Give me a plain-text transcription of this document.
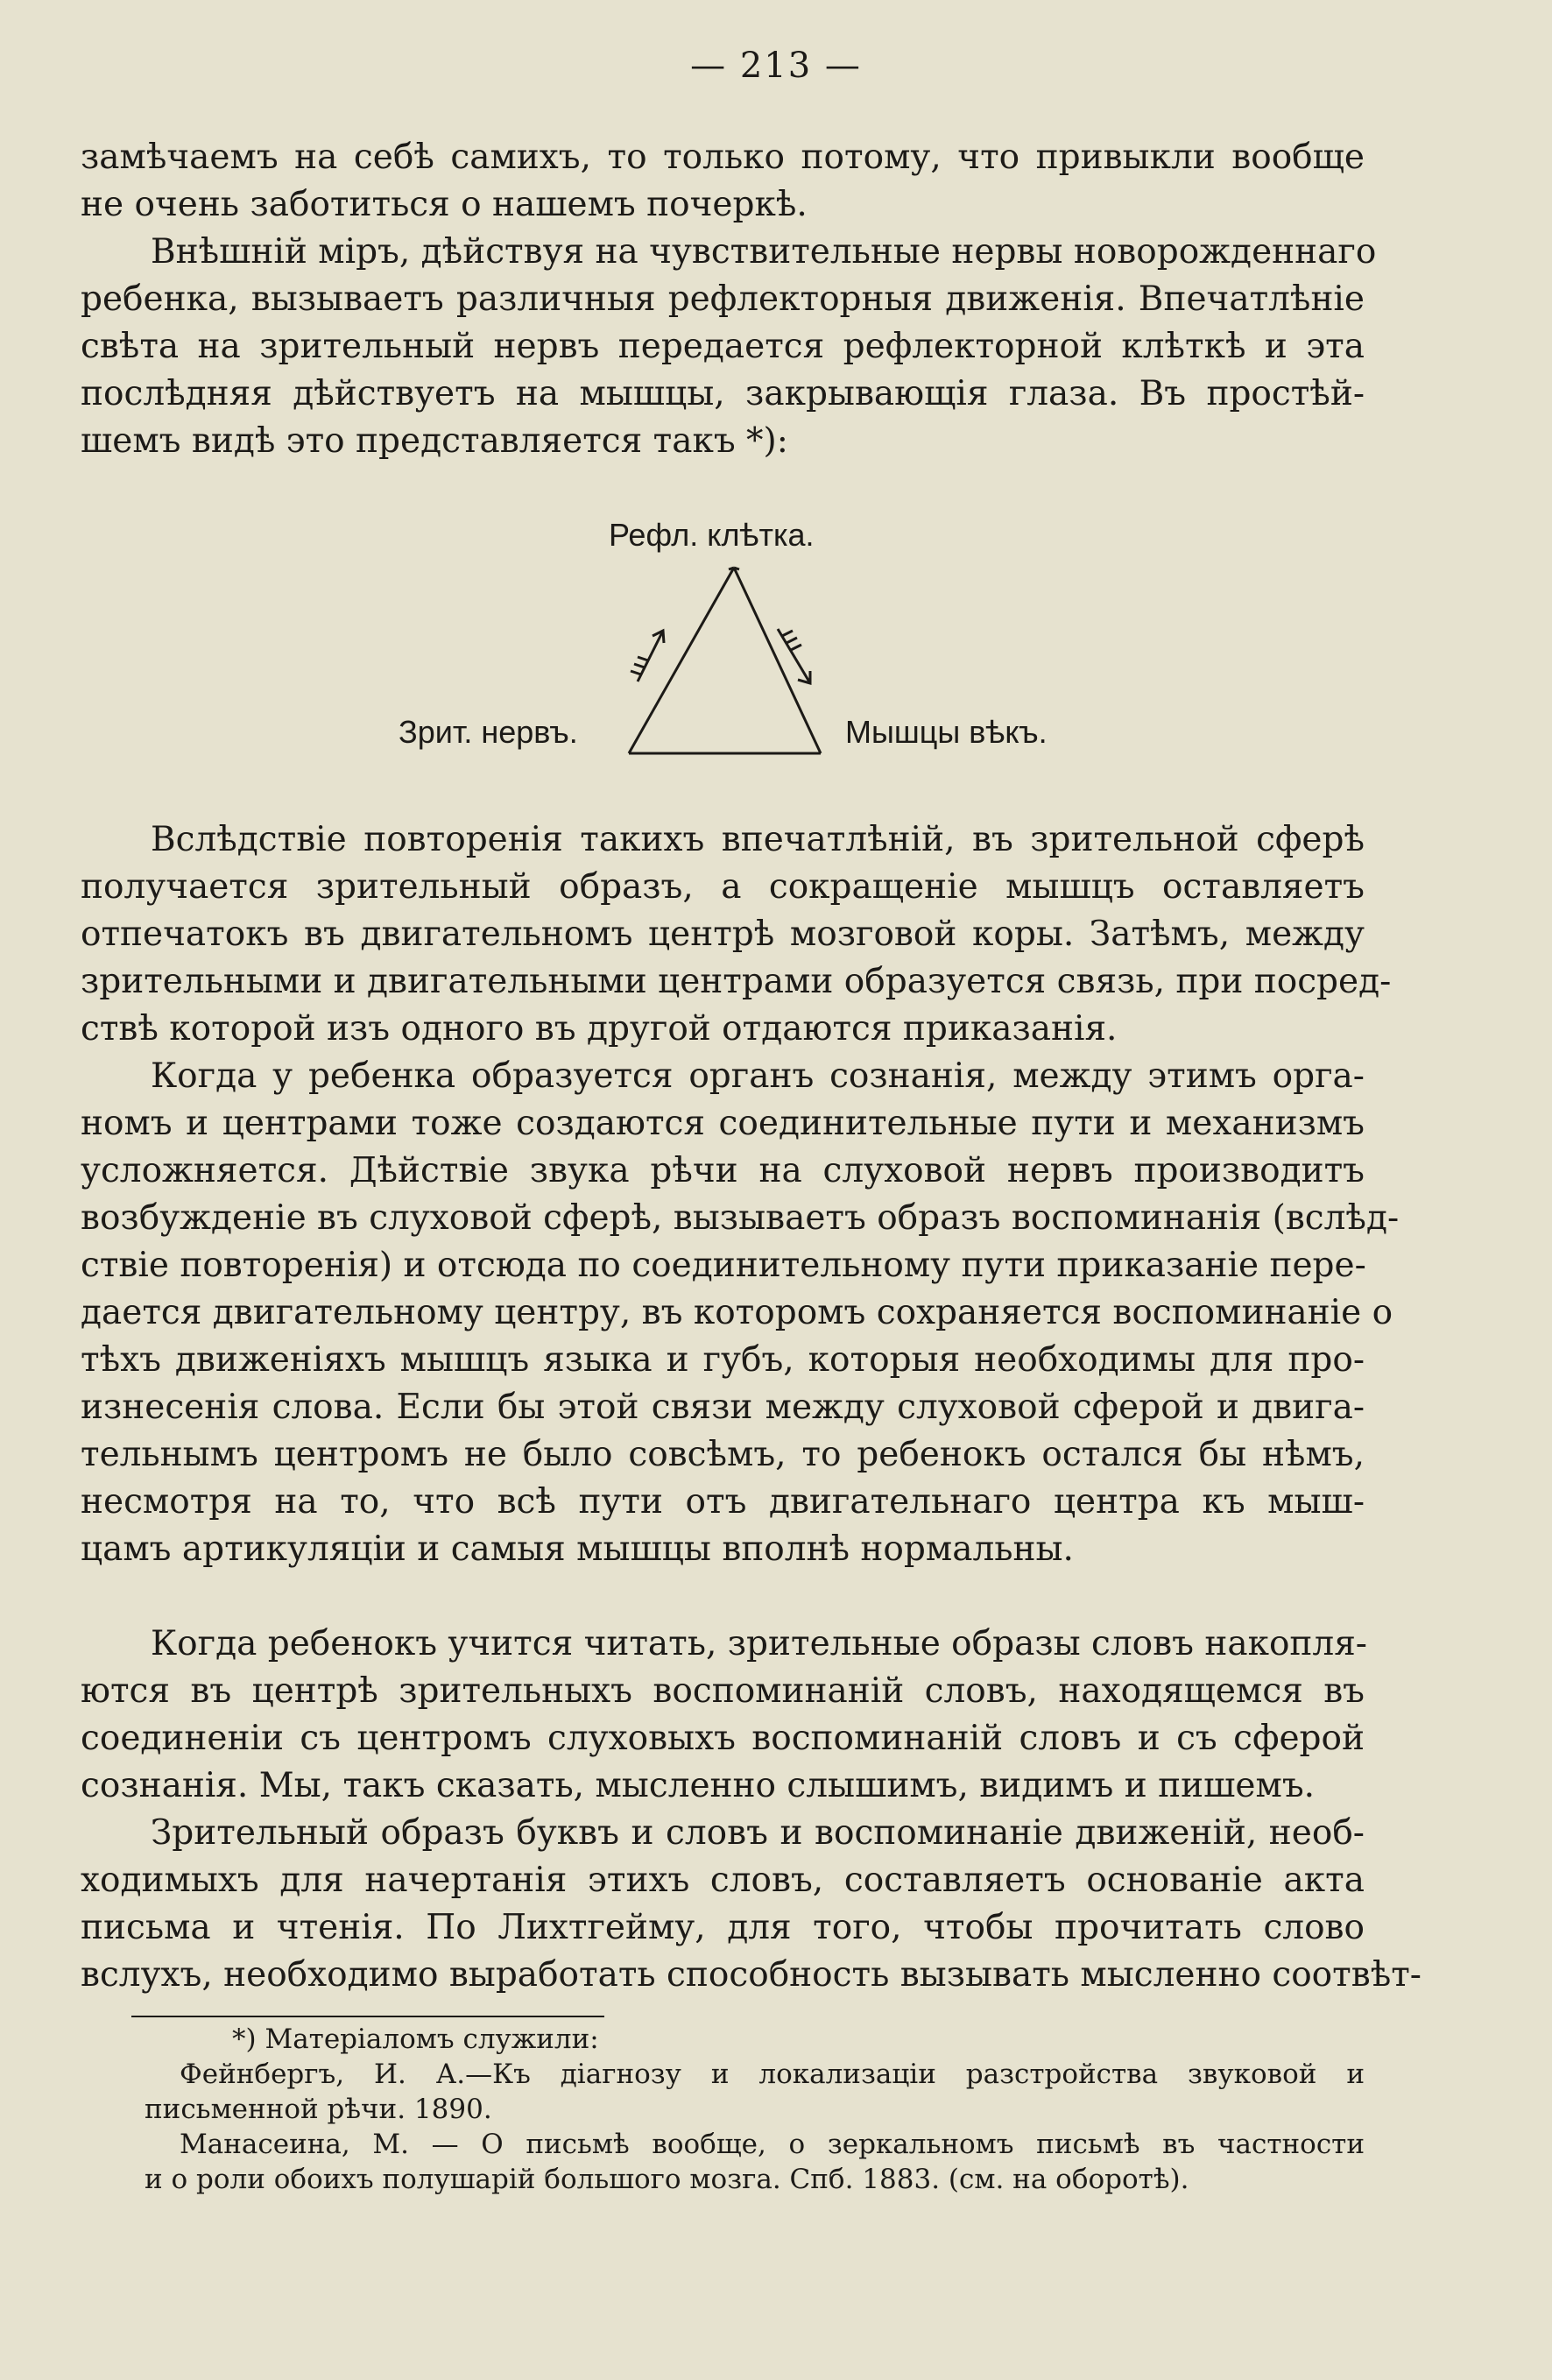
— 213 —
замѣчаемъ на себѣ самихъ, то только потому, что привыкли вообще
не очень заботиться о нашемъ почеркѣ.
Внѣшній міръ, дѣйствуя на чувствительные нервы новорожденнаго
ребенка, вызываетъ различныя рефлекторныя движенія. Впечатлѣніе
свѣта на зрительный нервъ передается рефлекторной клѣткѣ и эта
послѣдняя дѣйствуетъ на мышцы, закрывающія глаза. Въ простѣй-
шемъ видѣ это представляется такъ *):
Рефл. клѣтка.
Зрит. нервъ.	Мышцы вѣкъ.
Вслѣдствіе повторенія такихъ впечатлѣній, въ зрительной сферѣ
получается зрительный образъ, а сокращеніе мышцъ оставляетъ
отпечатокъ въ двигательномъ центрѣ мозговой коры. Затѣмъ, между
зрительными и двигательными центрами образуется связь, при посред-
ствѣ которой изъ одного въ другой отдаются приказанія.
Когда у ребенка образуется органъ сознанія, между этимъ орга-
номъ и центрами тоже создаются соединительные пути и механизмъ
усложняется. Дѣйствіе звука рѣчи на слуховой нервъ производитъ
возбужденіе въ слуховой сферѣ, вызываетъ образъ воспоминанія (вслѣд-
ствіе повторенія) и отсюда по соединительному пути приказаніе пере-
дается двигательному центру, въ которомъ сохраняется воспоминаніе о
тѣхъ движеніяхъ мышцъ языка и губъ, которыя необходимы для про-
изнесенія слова. Если бы этой связи между слуховой сферой и двига-
тельнымъ центромъ не было совсѣмъ, то ребенокъ остался бы нѣмъ,
несмотря на то, что всѣ пути отъ двигательнаго центра къ мыш-
цамъ артикуляціи и самыя мышцы вполнѣ нормальны.
Когда ребенокъ учится читать, зрительные образы словъ накопля-
ются въ центрѣ зрительныхъ воспоминаній словъ, находящемся въ
соединеніи съ центромъ слуховыхъ воспоминаній словъ и съ сферой
сознанія. Мы, такъ сказать, мысленно слышимъ, видимъ и пишемъ.
Зрительный образъ буквъ и словъ и воспоминаніе движеній, необ-
ходимыхъ для начертанія этихъ словъ, составляетъ основаніе акта
письма и чтенія. По Лихтгейму, для того, чтобы прочитать слово
вслухъ, необходимо выработать способность вызывать мысленно соотвѣт-
*) Матеріаломъ служили:
Фейнбергъ, И. А.—Къ діагнозу и локализаціи разстройства звуковой и
письменной рѣчи. 1890.
Манасеина, М. — О письмѣ вообще, о зеркальномъ письмѣ въ частности
и о роли обоихъ полушарій большого мозга. Спб. 1883. (см. на оборотѣ).
